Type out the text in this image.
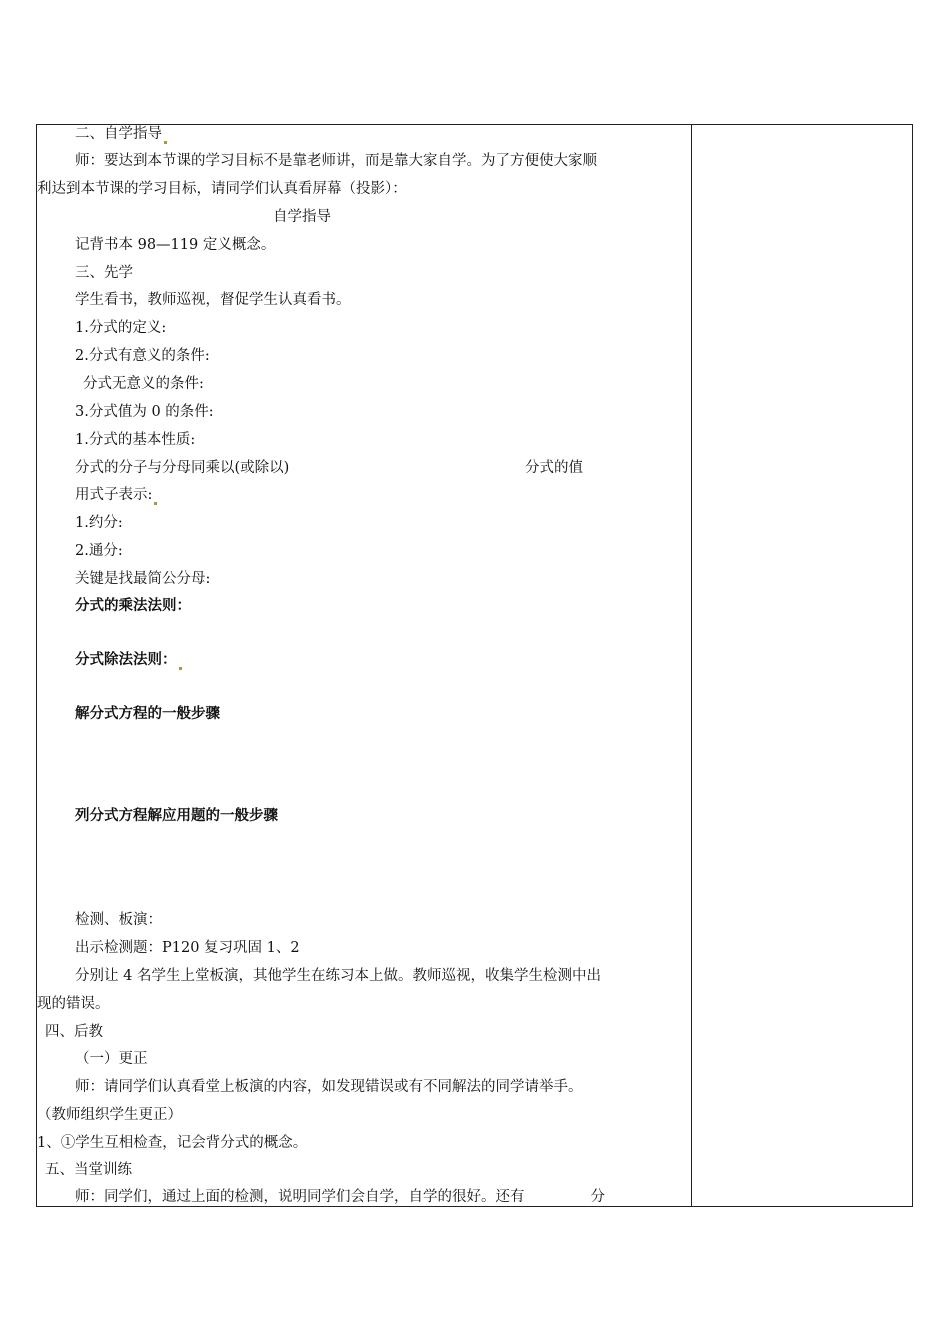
二、自学指导
师：要达到本节课的学习目标不是靠老师讲，而是靠大家自学。为了方便使大家顺
利达到本节课的学习目标，请同学们认真看屏幕（投影）：
自学指导
记背书本 98—119 定义概念。
三、先学
学生看书，教师巡视，督促学生认真看书。
1.分式的定义:
2.分式有意义的条件:
分式无意义的条件:
3.分式值为 0 的条件:
1.分式的基本性质:
分式的分子与分母同乘以(或除以)	分式的值
用式子表示:
1.约分:
2.通分:
关键是找最简公分母:
分式的乘法法则：
分式除法法则：
解分式方程的一般步骤
列分式方程解应用题的一般步骤
检测、板演：
出示检测题：P120 复习巩固 1、2
分别让 4 名学生上堂板演，其他学生在练习本上做。教师巡视，收集学生检测中出
现的错误。
四、后教
（一）更正
师：请同学们认真看堂上板演的内容，如发现错误或有不同解法的同学请举手。
（教师组织学生更正）
1、①学生互相检查，记会背分式的概念。
五、当堂训练
师：同学们，通过上面的检测，说明同学们会自学，自学的很好。还有	分
